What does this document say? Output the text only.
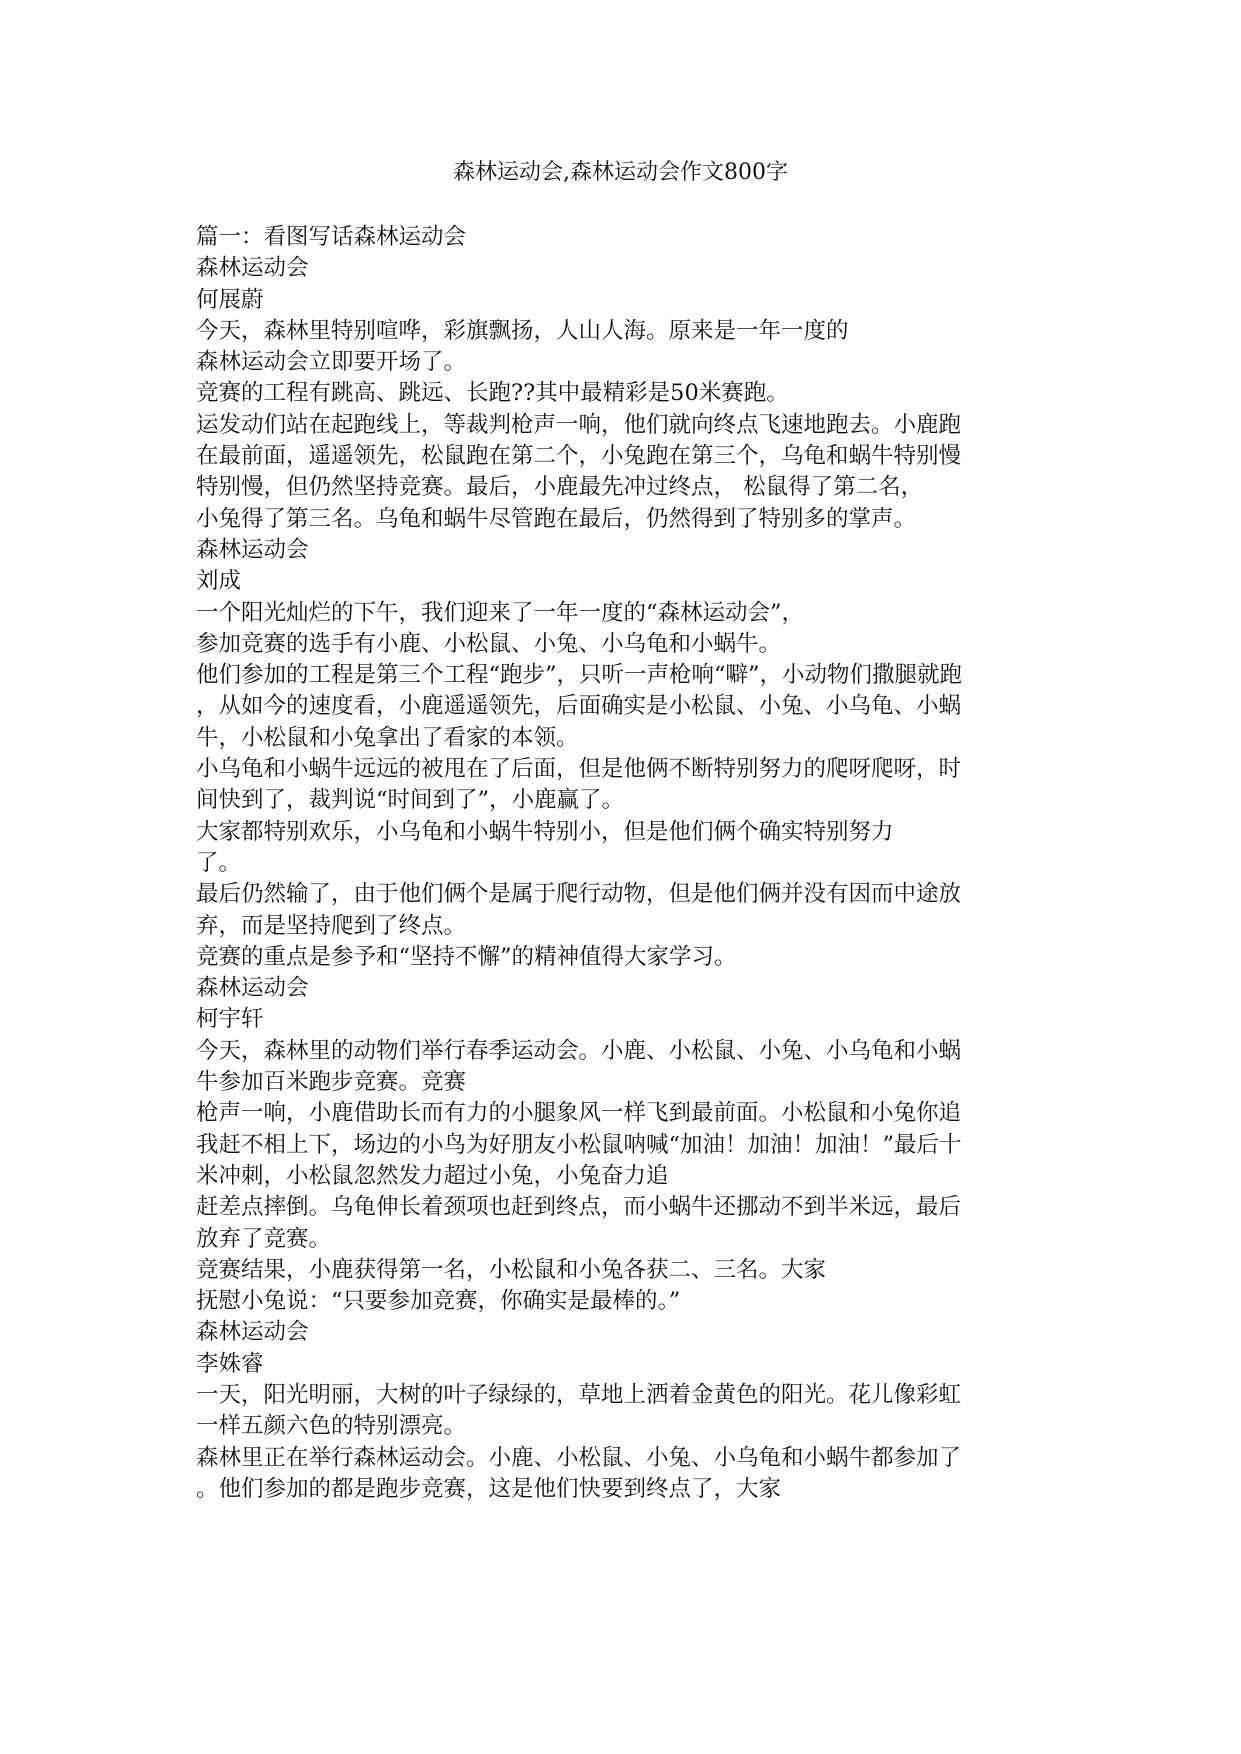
森林运动会,森林运动会作文800字
篇一：看图写话森林运动会
森林运动会
何展蔚
今天，森林里特别喧哗，彩旗飘扬，人山人海。原来是一年一度的
森林运动会立即要开场了。
竞赛的工程有跳高、跳远、长跑??其中最精彩是50米赛跑。
运发动们站在起跑线上，等裁判枪声一响，他们就向终点飞速地跑去。小鹿跑
在最前面，遥遥领先，松鼠跑在第二个，小兔跑在第三个，乌龟和蜗牛特别慢
特别慢，但仍然坚持竞赛。最后，小鹿最先冲过终点， 松鼠得了第二名，
小兔得了第三名。乌龟和蜗牛尽管跑在最后，仍然得到了特别多的掌声。
森林运动会
刘成
一个阳光灿烂的下午，我们迎来了一年一度的“森林运动会”，
参加竞赛的选手有小鹿、小松鼠、小兔、小乌龟和小蜗牛。
他们参加的工程是第三个工程“跑步”，只听一声枪响“噼”，小动物们撒腿就跑
，从如今的速度看，小鹿遥遥领先，后面确实是小松鼠、小兔、小乌龟、小蜗
牛，小松鼠和小兔拿出了看家的本领。
小乌龟和小蜗牛远远的被甩在了后面，但是他俩不断特别努力的爬呀爬呀，时
间快到了，裁判说“时间到了”，小鹿赢了。
大家都特别欢乐，小乌龟和小蜗牛特别小，但是他们俩个确实特别努力
了。
最后仍然输了，由于他们俩个是属于爬行动物，但是他们俩并没有因而中途放
弃，而是坚持爬到了终点。
竞赛的重点是参予和“坚持不懈”的精神值得大家学习。
森林运动会
柯宇轩
今天，森林里的动物们举行春季运动会。小鹿、小松鼠、小兔、小乌龟和小蜗
牛参加百米跑步竞赛。竞赛
枪声一响，小鹿借助长而有力的小腿象风一样飞到最前面。小松鼠和小兔你追
我赶不相上下，场边的小鸟为好朋友小松鼠呐喊“加油！加油！加油！”最后十
米冲刺，小松鼠忽然发力超过小兔，小兔奋力追
赶差点摔倒。乌龟伸长着颈项也赶到终点，而小蜗牛还挪动不到半米远，最后
放弃了竞赛。
竞赛结果，小鹿获得第一名，小松鼠和小兔各获二、三名。大家
抚慰小兔说：“只要参加竞赛，你确实是最棒的。”
森林运动会
李姝睿
一天，阳光明丽，大树的叶子绿绿的，草地上洒着金黄色的阳光。花儿像彩虹
一样五颜六色的特别漂亮。
森林里正在举行森林运动会。小鹿、小松鼠、小兔、小乌龟和小蜗牛都参加了
。他们参加的都是跑步竞赛，这是他们快要到终点了，大家
